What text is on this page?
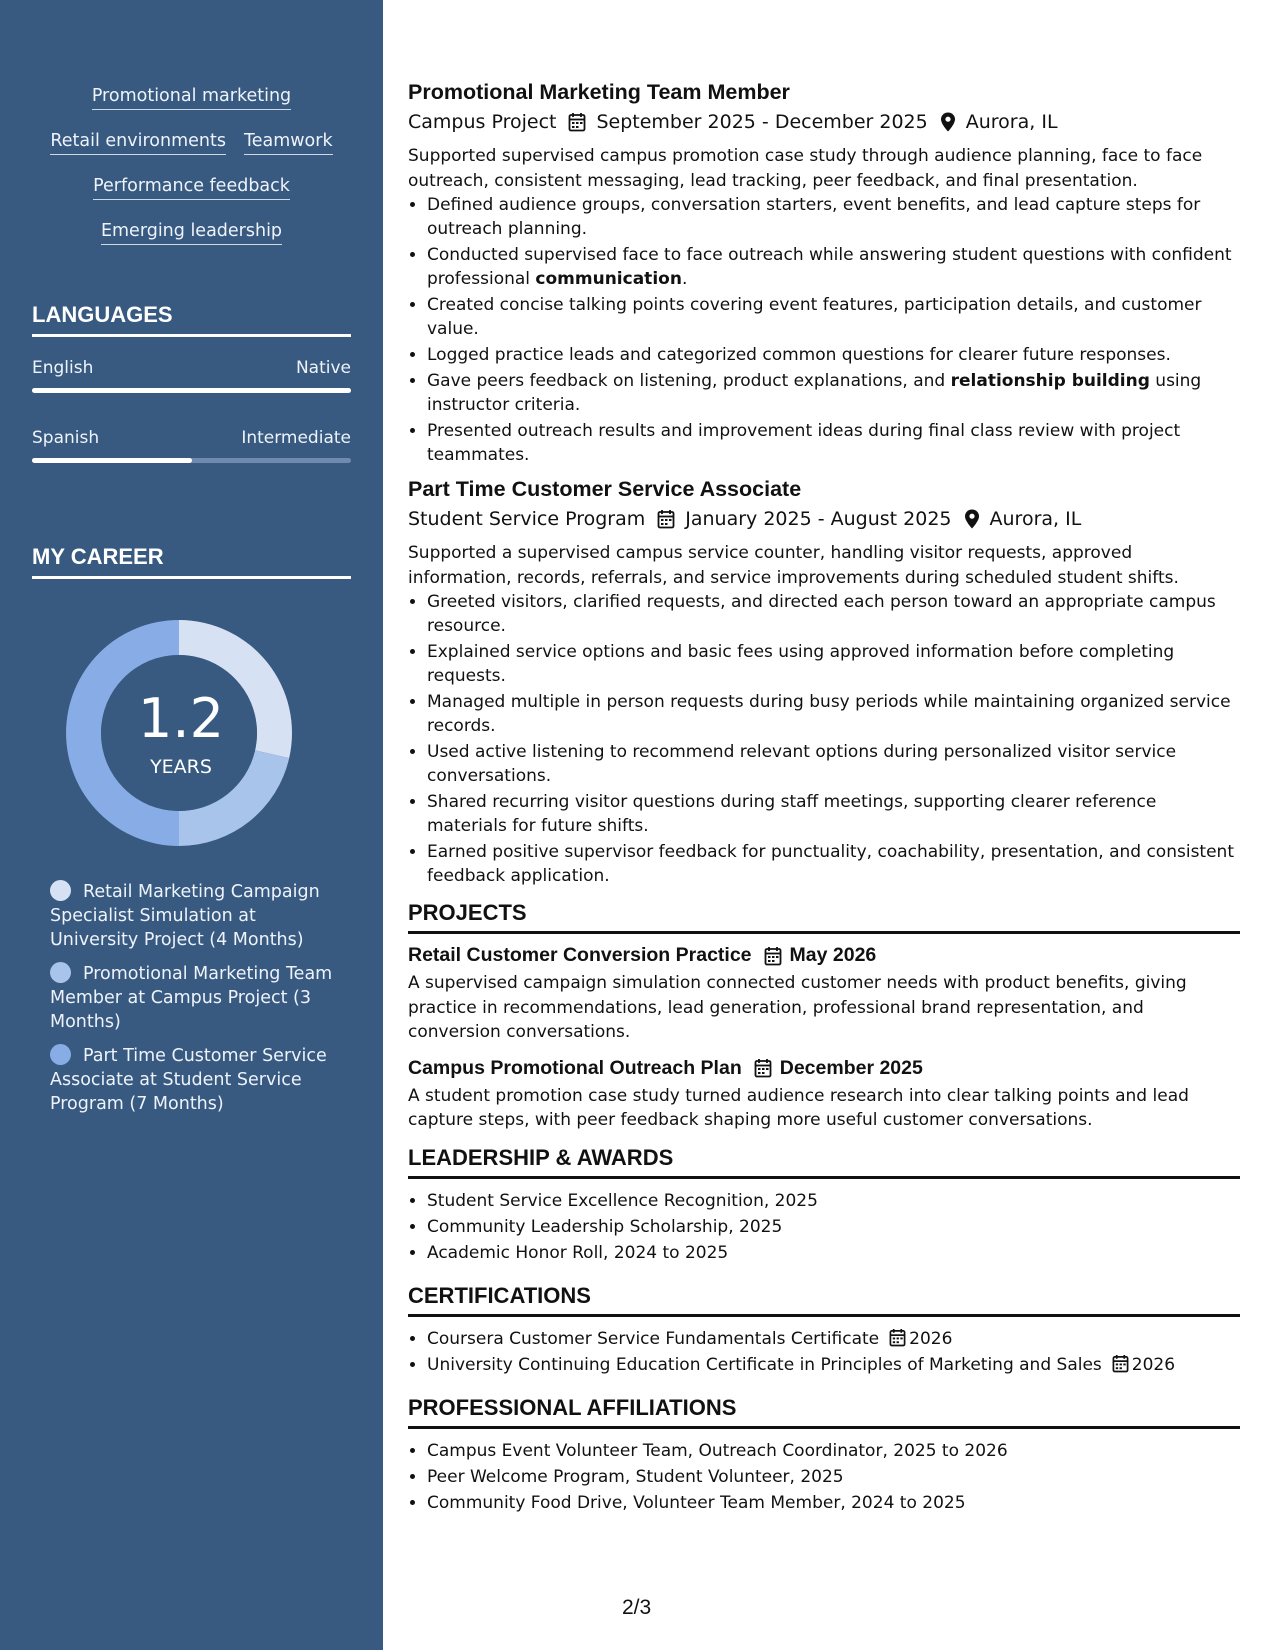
Promotional marketing
Retail environments Teamwork
Performance feedback
Emerging leadership
LANGUAGES
English	Native
Spanish	Intermediate
MY CAREER
1.2
YEARS
Retail Marketing Campaign Specialist Simulation at University Project (4 Months)
Promotional Marketing Team Member at Campus Project (3 Months)
Part Time Customer Service Associate at Student Service Program (7 Months)
Promotional Marketing Team Member
Campus Project September 2025 - December 2025 Aurora, IL
Supported supervised campus promotion case study through audience planning, face to face outreach, consistent messaging, lead tracking, peer feedback, and final presentation.
• Defined audience groups, conversation starters, event benefits, and lead capture steps for outreach planning.
• Conducted supervised face to face outreach while answering student questions with confident professional communication.
• Created concise talking points covering event features, participation details, and customer value.
• Logged practice leads and categorized common questions for clearer future responses.
• Gave peers feedback on listening, product explanations, and relationship building using instructor criteria.
• Presented outreach results and improvement ideas during final class review with project teammates.
Part Time Customer Service Associate
Student Service Program January 2025 - August 2025 Aurora, IL
Supported a supervised campus service counter, handling visitor requests, approved information, records, referrals, and service improvements during scheduled student shifts.
• Greeted visitors, clarified requests, and directed each person toward an appropriate campus resource.
• Explained service options and basic fees using approved information before completing requests.
• Managed multiple in person requests during busy periods while maintaining organized service records.
• Used active listening to recommend relevant options during personalized visitor service conversations.
• Shared recurring visitor questions during staff meetings, supporting clearer reference materials for future shifts.
• Earned positive supervisor feedback for punctuality, coachability, presentation, and consistent feedback application.
PROJECTS
Retail Customer Conversion Practice May 2026
A supervised campaign simulation connected customer needs with product benefits, giving practice in recommendations, lead generation, professional brand representation, and conversion conversations.
Campus Promotional Outreach Plan December 2025
A student promotion case study turned audience research into clear talking points and lead capture steps, with peer feedback shaping more useful customer conversations.
LEADERSHIP & AWARDS
• Student Service Excellence Recognition, 2025
• Community Leadership Scholarship, 2025
• Academic Honor Roll, 2024 to 2025
CERTIFICATIONS
• Coursera Customer Service Fundamentals Certificate 2026
• University Continuing Education Certificate in Principles of Marketing and Sales 2026
PROFESSIONAL AFFILIATIONS
• Campus Event Volunteer Team, Outreach Coordinator, 2025 to 2026
• Peer Welcome Program, Student Volunteer, 2025
• Community Food Drive, Volunteer Team Member, 2024 to 2025
2/3
